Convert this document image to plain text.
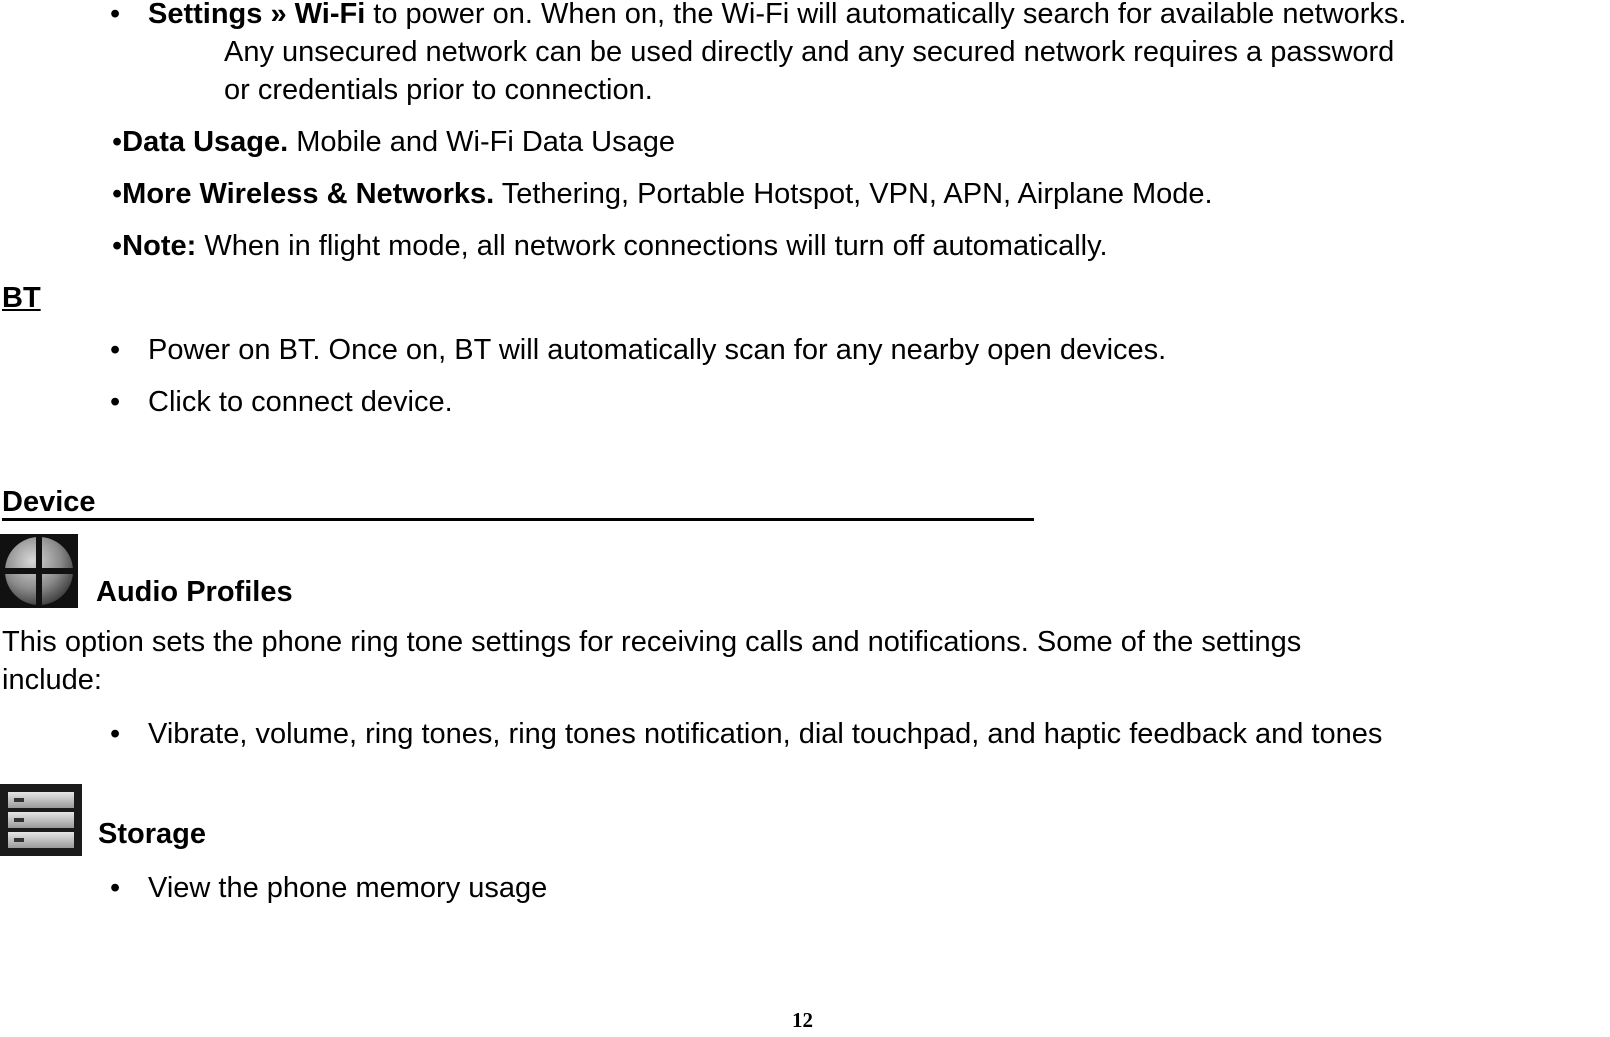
• Settings » Wi-Fi to power on. When on, the Wi-Fi will automatically search for available networks.
Any unsecured network can be used directly and any secured network requires a password
or credentials prior to connection.
•Data Usage. Mobile and Wi-Fi Data Usage
•More Wireless & Networks. Tethering, Portable Hotspot, VPN, APN, Airplane Mode.
•Note: When in flight mode, all network connections will turn off automatically.
BT
• Power on BT. Once on, BT will automatically scan for any nearby open devices.
• Click to connect device.
Device
Audio Profiles
This option sets the phone ring tone settings for receiving calls and notifications. Some of the settings
include:
• Vibrate, volume, ring tones, ring tones notification, dial touchpad, and haptic feedback and tones
Storage
• View the phone memory usage
12
